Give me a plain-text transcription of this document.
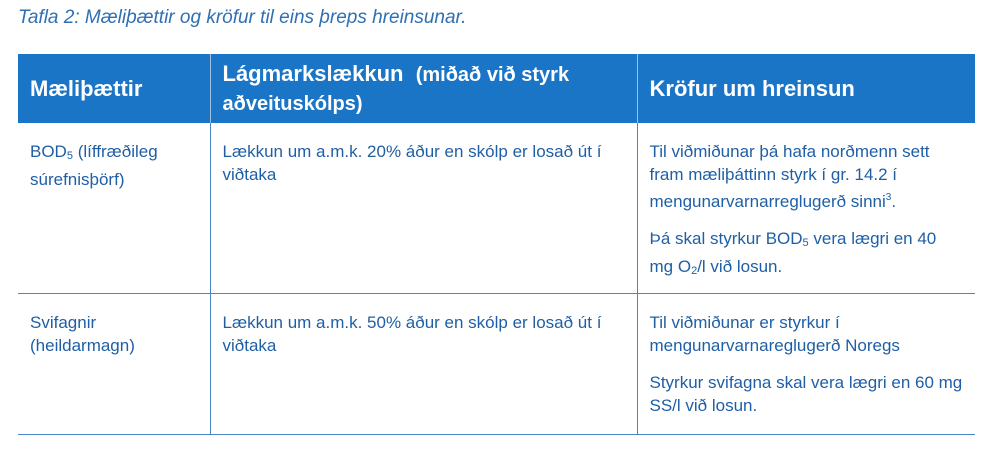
Tafla 2: Mæliþættir og kröfur til eins þreps hreinsunar.
Mæliþættir	Lágmarkslækkun (miðað við styrk aðveituskólps)	Kröfur um hreinsun
$BOD_5$ (líffræðileg súrefnisþörf)	Lækkun um a.m.k. 20% áður en skólp er losað út í viðtaka	Til viðmiðunar þá hafa norðmenn sett fram mæliþáttinn styrk í gr. 14.2 í mengunarvarnarreglugerð sinni$^3$.
Þá skal styrkur $BOD_5$ vera lægri en 40 mg $O_2/l$ við losun.

Svifagnir (heildarmagn)	Lækkun um a.m.k. 50% áður en skólp er losað út í viðtaka	Til viðmiðunar er styrkur í mengunarvarnareglugerð Noregs
Styrkur svifagna skal vera lægri en 60 mg SS/l við losun.
